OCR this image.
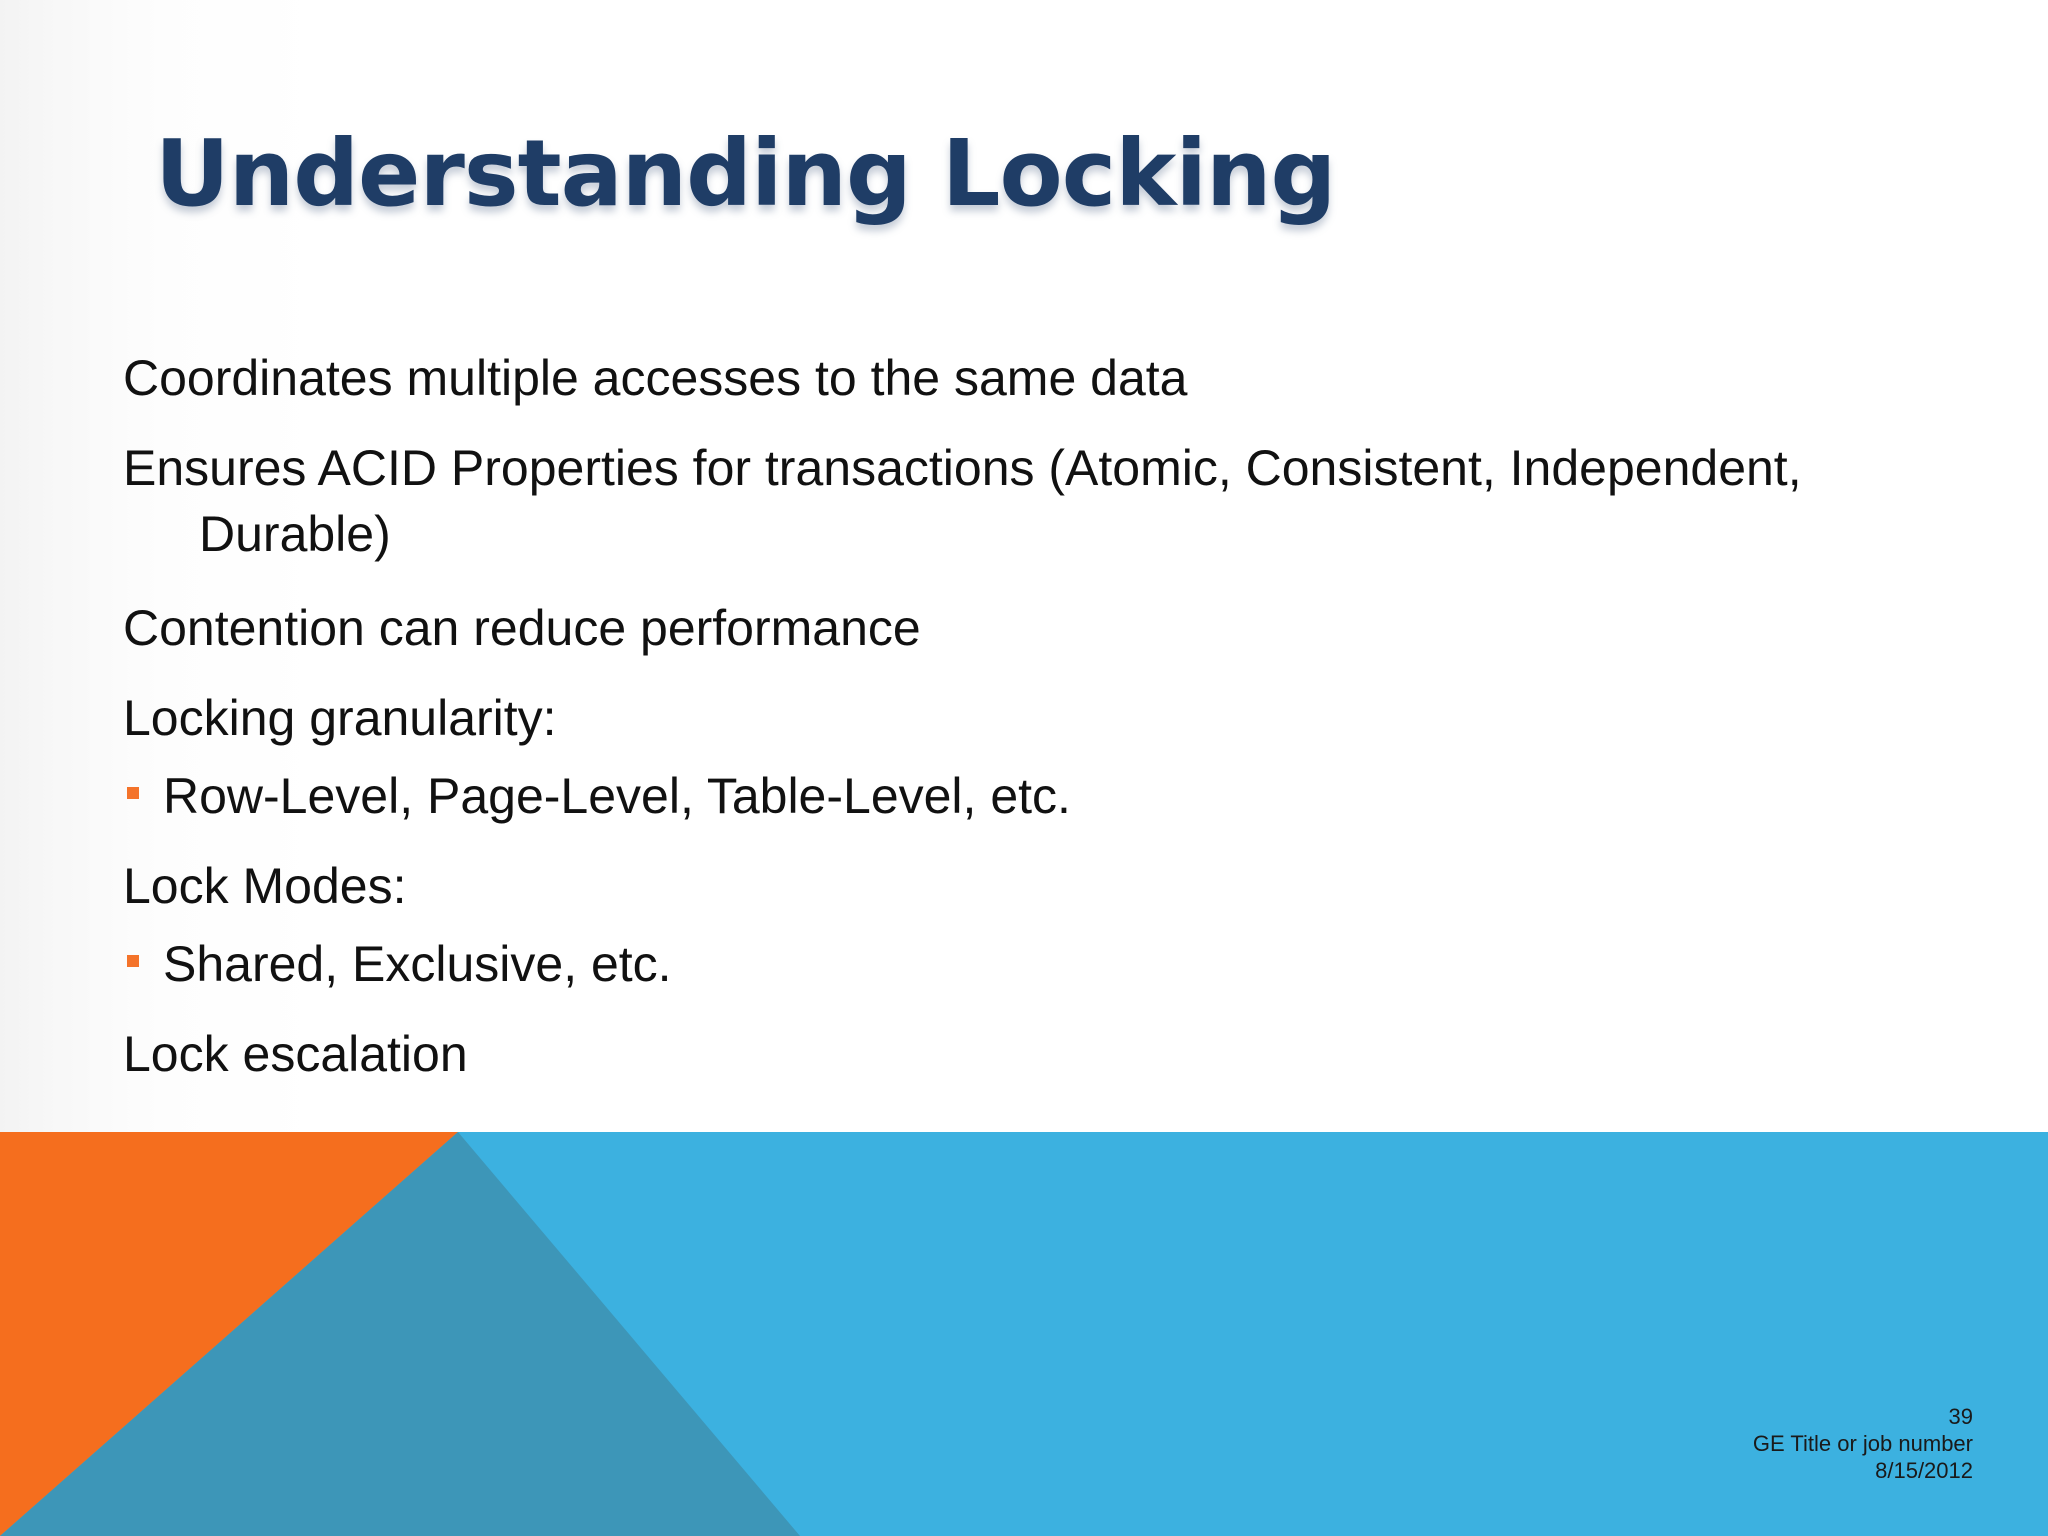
Understanding Locking

Coordinates multiple accesses to the same data

Ensures ACID Properties for transactions (Atomic, Consistent, Independent,

Durable)

Contention can reduce performance

Locking granularity:

Row-Level, Page-Level, Table-Level, etc.

Lock Modes:

Shared, Exclusive, etc.

Lock escalation

39
GE Title or job number
8/15/2012
